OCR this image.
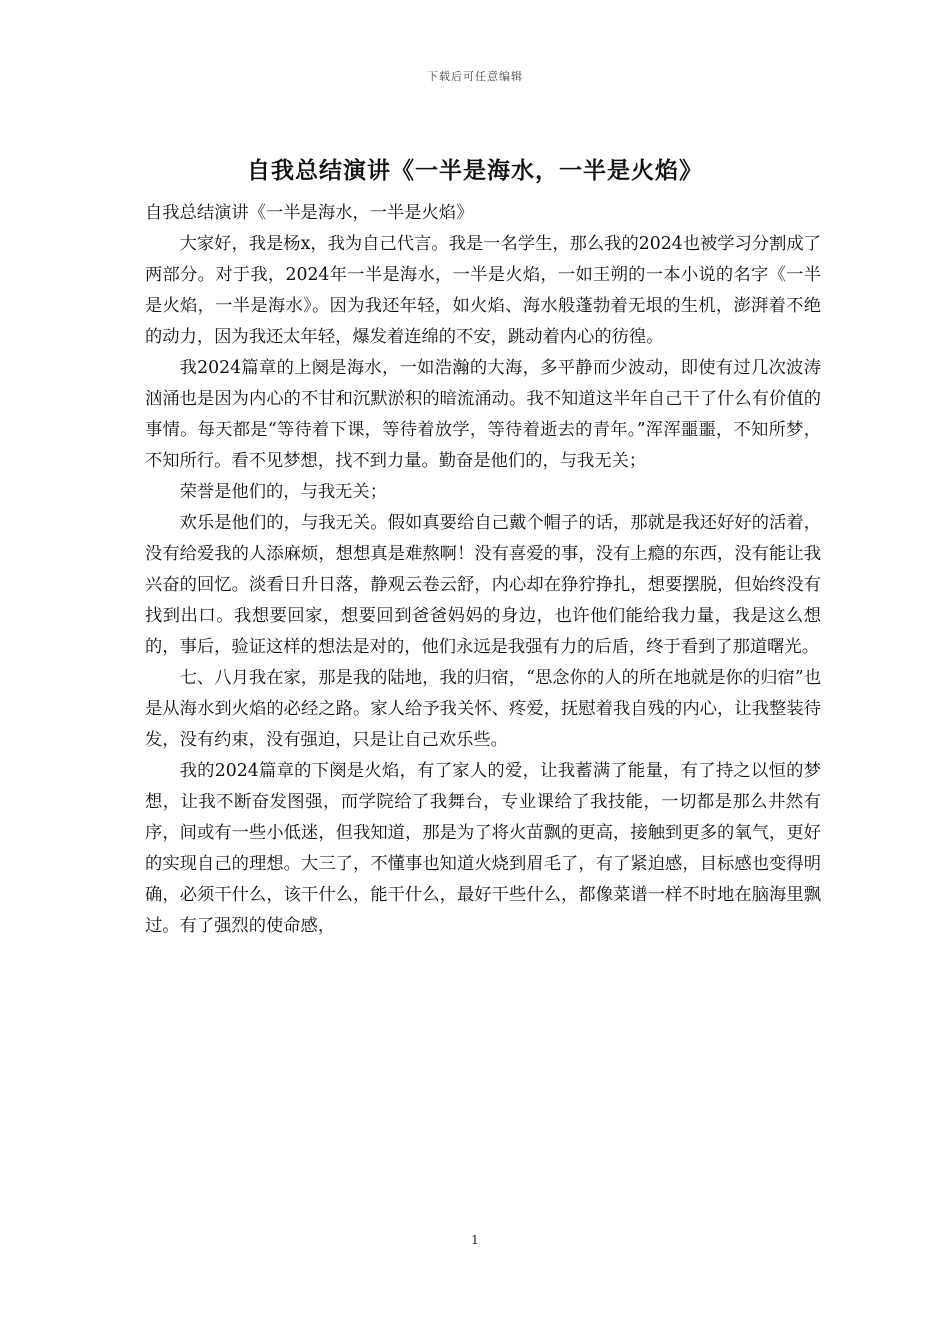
下载后可任意编辑
自我总结演讲《一半是海水，一半是火焰》

自我总结演讲《一半是海水，一半是火焰》

大家好，我是杨x，我为自己代言。我是一名学生，那么我的2024也被学习分割成了两部分。对于我，2024年一半是海水，一半是火焰，一如王朔的一本小说的名字《一半是火焰，一半是海水》。因为我还年轻，如火焰、海水般蓬勃着无垠的生机，澎湃着不绝的动力，因为我还太年轻，爆发着连绵的不安，跳动着内心的彷徨。

我2024篇章的上阕是海水，一如浩瀚的大海，多平静而少波动，即使有过几次波涛汹涌也是因为内心的不甘和沉默淤积的暗流涌动。我不知道这半年自己干了什么有价值的事情。每天都是“等待着下课，等待着放学，等待着逝去的青年。”浑浑噩噩，不知所梦，不知所行。看不见梦想，找不到力量。勤奋是他们的，与我无关；

荣誉是他们的，与我无关；

欢乐是他们的，与我无关。假如真要给自己戴个帽子的话，那就是我还好好的活着，没有给爱我的人添麻烦，想想真是难熬啊！没有喜爱的事，没有上瘾的东西，没有能让我兴奋的回忆。淡看日升日落，静观云卷云舒，内心却在狰狞挣扎，想要摆脱，但始终没有找到出口。我想要回家，想要回到爸爸妈妈的身边，也许他们能给我力量，我是这么想的，事后，验证这样的想法是对的，他们永远是我强有力的后盾，终于看到了那道曙光。

七、八月我在家，那是我的陆地，我的归宿，“思念你的人的所在地就是你的归宿”也是从海水到火焰的必经之路。家人给予我关怀、疼爱，抚慰着我自残的内心，让我整装待发，没有约束，没有强迫，只是让自己欢乐些。

我的2024篇章的下阕是火焰，有了家人的爱，让我蓄满了能量，有了持之以恒的梦想，让我不断奋发图强，而学院给了我舞台，专业课给了我技能，一切都是那么井然有序，间或有一些小低迷，但我知道，那是为了将火苗飘的更高，接触到更多的氧气，更好的实现自己的理想。大三了，不懂事也知道火烧到眉毛了，有了紧迫感，目标感也变得明确，必须干什么，该干什么，能干什么，最好干些什么，都像菜谱一样不时地在脑海里飘过。有了强烈的使命感，

1
